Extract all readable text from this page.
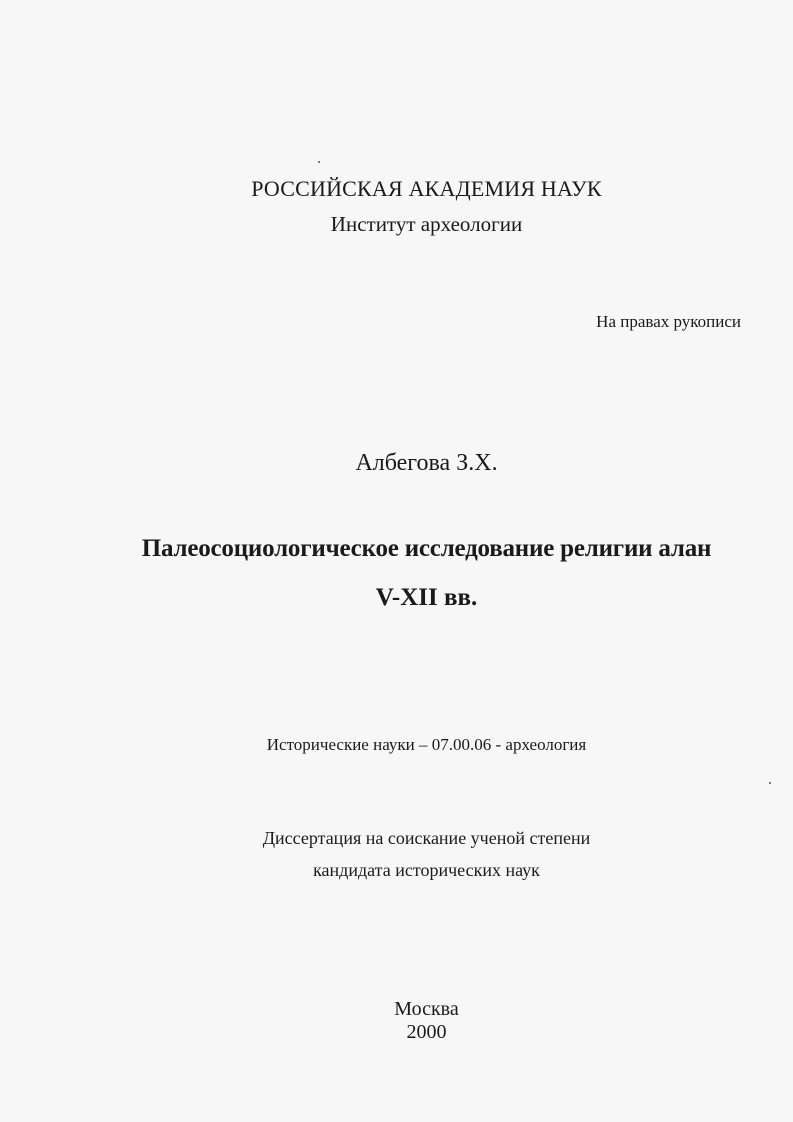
РОССИЙСКАЯ АКАДЕМИЯ НАУК
Институт археологии
На правах рукописи
Албегова З.Х.
Палеосоциологическое исследование религии алан
V-XII вв.
Исторические науки – 07.00.06 - археология
Диссертация на соискание ученой степени
кандидата исторических наук
Москва
2000
